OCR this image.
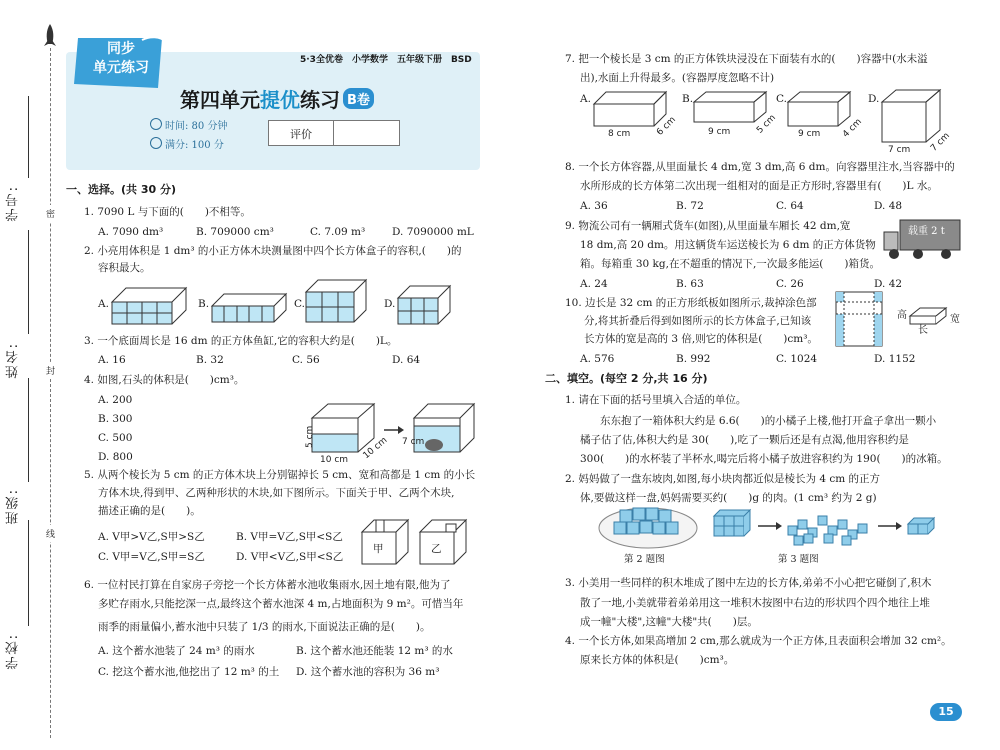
学号:
姓名:
班级:
学校:
密
封
线
同步
单元练习	5·3全优卷　小学数学　五年级下册　BSD
第四单元提优练习 B卷
时间: 80 分钟
满分: 100 分
评价
一、选择。(共 30 分)
1. 7090 L 与下面的(　　)不相等。
A. 7090 dm³	B. 709000 cm³	C. 7.09 m³	D. 7090000 mL
2. 小亮用体积是 1 dm³ 的小正方体木块测量图中四个长方体盒子的容积,(　　)的
容积最大。
A.	B.	C.	D.
3. 一个底面周长是 16 dm 的正方体鱼缸,它的容积大约是(　　)L。
A. 16	B. 32	C. 56	D. 64
4. 如图,石头的体积是(　　)cm³。
A. 200
B. 300
C. 500
D. 800
5 cm
10 cm 10 cm 7 cm
5. 从两个棱长为 5 cm 的正方体木块上分别锯掉长 5 cm、宽和高都是 1 cm 的小长
方体木块,得到甲、乙两种形状的木块,如下图所示。下面关于甲、乙两个木块,
描述正确的是(　　)。
A. V甲>V乙,S甲>S乙	B. V甲=V乙,S甲<S乙
C. V甲=V乙,S甲=S乙	D. V甲<V乙,S甲<S乙
甲	乙
6. 一位村民打算在自家房子旁挖一个长方体蓄水池收集雨水,因土地有限,他为了
多贮存雨水,只能挖深一点,最终这个蓄水池深 4 m,占地面积为 9 m²。可惜当年
雨季的雨量偏小,蓄水池中只装了 1/3 的雨水,下面说法正确的是(　　)。
A. 这个蓄水池装了 24 m³ 的雨水	B. 这个蓄水池还能装 12 m³ 的水
C. 挖这个蓄水池,他挖出了 12 m³ 的土 D. 这个蓄水池的容积为 36 m³
7. 把一个棱长是 3 cm 的正方体铁块浸没在下面装有水的(　　)容器中(水未溢
出),水面上升得最多。(容器厚度忽略不计)
A.	B.	C.	D.
8 cm	6 cm	9 cm	5 cm 9 cm 4 cm
7 cm 7 cm
8. 一个长方体容器,从里面量长 4 dm,宽 3 dm,高 6 dm。向容器里注水,当容器中的
水所形成的长方体第二次出现一组相对的面是正方形时,容器里有(　　)L 水。
A. 36	B. 72	C. 64	D. 48
9. 物流公司有一辆厢式货车(如图),从里面量车厢长 42 dm,宽
18 dm,高 20 dm。用这辆货车运送棱长为 6 dm 的正方体货物
箱。每箱重 30 kg,在不超重的情况下,一次最多能运(　　)箱货。
A. 24	B. 63	C. 26	D. 42
载重 2 t
10. 边长是 32 cm 的正方形纸板如图所示,裁掉涂色部
分,将其折叠后得到如图所示的长方体盒子,已知该
长方体的宽是高的 3 倍,则它的体积是(　　)cm³。
A. 576	B. 992	C. 1024	D. 1152
高
长
宽
二、填空。(每空 2 分,共 16 分)
1. 请在下面的括号里填入合适的单位。
东东抱了一箱体积大约是 6.6(　　)的小橘子上楼,他打开盒子拿出一颗小
橘子估了估,体积大约是 30(　　),吃了一颗后还是有点渴,他用容积约是
300(　　)的水杯装了半杯水,喝完后将小橘子放进容积约为 190(　　)的冰箱。
2. 妈妈做了一盘东坡肉,如图,每小块肉都近似是棱长为 4 cm 的正方
体,要做这样一盘,妈妈需要买约(　　)g 的肉。(1 cm³ 约为 2 g)
第 2 题图	第 3 题图
3. 小美用一些同样的积木堆成了图中左边的长方体,弟弟不小心把它碰倒了,积木
散了一地,小美就带着弟弟用这一堆积木按图中右边的形状四个四个地往上堆
成一幢"大楼",这幢"大楼"共(　　)层。
4. 一个长方体,如果高增加 2 cm,那么就成为一个正方体,且表面积会增加 32 cm²。
原来长方体的体积是(　　)cm³。
15
